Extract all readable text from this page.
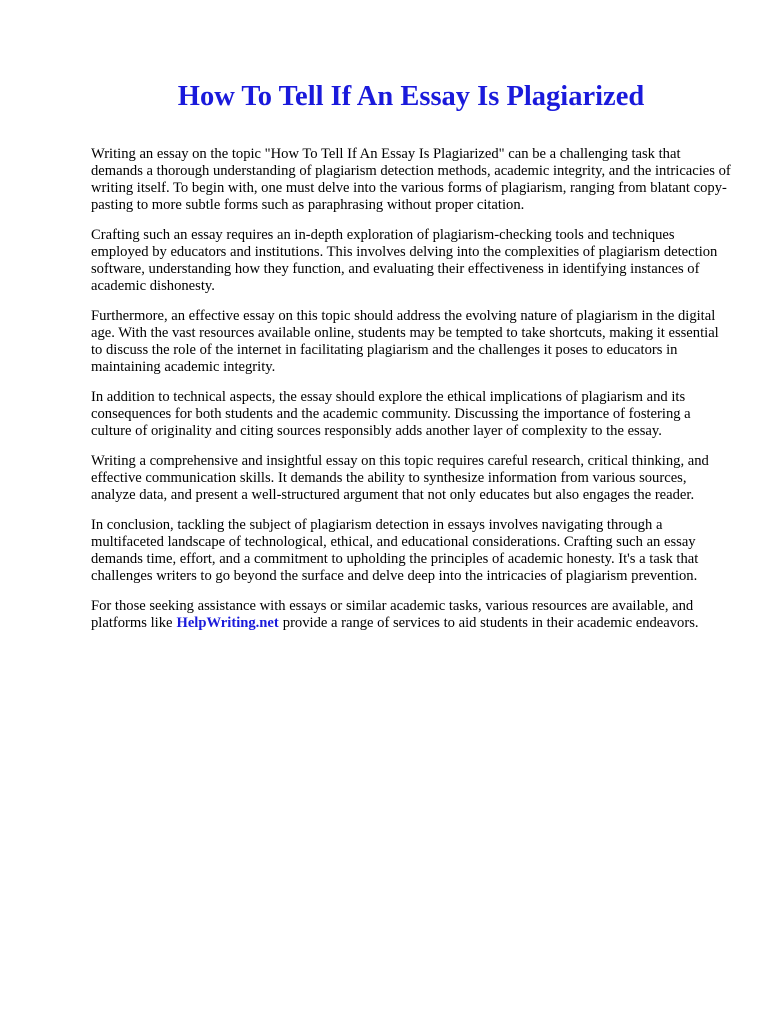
How To Tell If An Essay Is Plagiarized

Writing an essay on the topic "How To Tell If An Essay Is Plagiarized" can be a challenging task that demands a thorough understanding of plagiarism detection methods, academic integrity, and the intricacies of writing itself. To begin with, one must delve into the various forms of plagiarism, ranging from blatant copy-pasting to more subtle forms such as paraphrasing without proper citation.

Crafting such an essay requires an in-depth exploration of plagiarism-checking tools and techniques employed by educators and institutions. This involves delving into the complexities of plagiarism detection software, understanding how they function, and evaluating their effectiveness in identifying instances of academic dishonesty.

Furthermore, an effective essay on this topic should address the evolving nature of plagiarism in the digital age. With the vast resources available online, students may be tempted to take shortcuts, making it essential to discuss the role of the internet in facilitating plagiarism and the challenges it poses to educators in maintaining academic integrity.

In addition to technical aspects, the essay should explore the ethical implications of plagiarism and its consequences for both students and the academic community. Discussing the importance of fostering a culture of originality and citing sources responsibly adds another layer of complexity to the essay.

Writing a comprehensive and insightful essay on this topic requires careful research, critical thinking, and effective communication skills. It demands the ability to synthesize information from various sources, analyze data, and present a well-structured argument that not only educates but also engages the reader.

In conclusion, tackling the subject of plagiarism detection in essays involves navigating through a multifaceted landscape of technological, ethical, and educational considerations. Crafting such an essay demands time, effort, and a commitment to upholding the principles of academic honesty. It's a task that challenges writers to go beyond the surface and delve deep into the intricacies of plagiarism prevention.

For those seeking assistance with essays or similar academic tasks, various resources are available, and platforms like HelpWriting.net provide a range of services to aid students in their academic endeavors.
